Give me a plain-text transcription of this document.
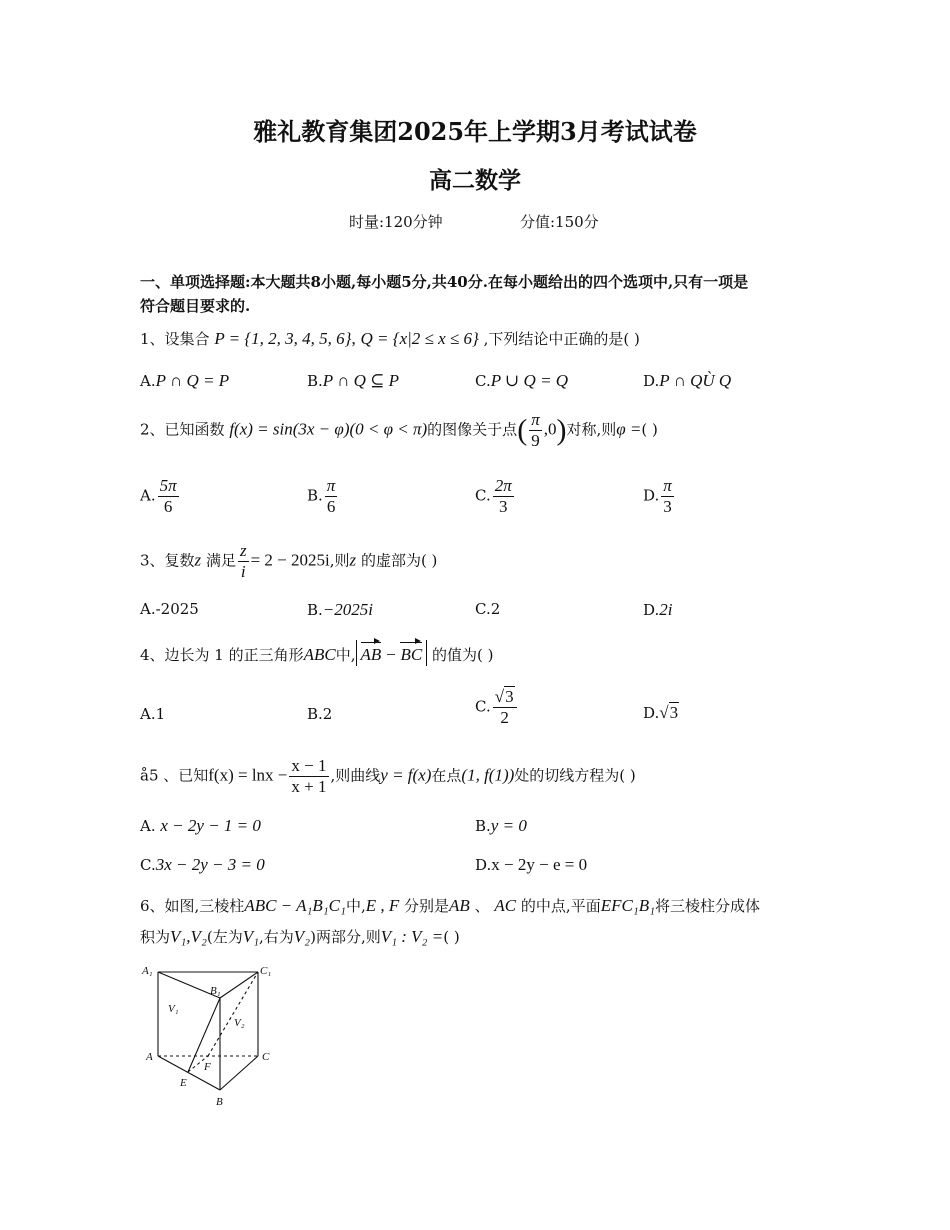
雅礼教育集团2025年上学期3月考试试卷
高二数学
时量:120分钟	分值:150分
一、单项选择题:本大题共8小题,每小题5分,共40分.在每小题给出的四个选项中,只有一项是
符合题目要求的.
1、设集合 P = {1, 2, 3, 4, 5, 6}, Q = {x|2 ≤ x ≤ 6} ,下列结论中正确的是( )
A.P ∩ Q = P	B.P ∩ Q ⊆ P	C.P ∪ Q = Q	D.P ∩ QÙ Q
2、已知函数 f(x) = sin(3x − φ)(0 < φ < π)的图像关于点( $\frac{\pi}{9} ,0$)对称,则φ =( )
A. $\frac{5\pi}{6}$	B. $\frac{\pi}{6}$	C. $\frac{2\pi}{3}$	D. $\frac{\pi}{3}$
3、复数z 满足 $\frac{z}{i} = 2 - 2025i$,则z 的虚部为( )
A.-2025	B.−2025i	C.2	D.2i
4、边长为 1 的正三角形ABC中, AB − BC 的值为( )
A.1	B.2	C. $\frac{√3}{2}$	D.√3
å5 、已知$f(x) = \ln x - \frac{x - 1}{x + 1}$ ,则曲线y = f(x)在点(1, f(1))处的切线方程为( )
A. x − 2y − 1 = 0	B.y = 0
C.3x − 2y − 3 = 0	D.x − 2y − e = 0
6、如图,三棱柱ABC − A₁B₁C₁中,E , F 分别是AB 、 AC 的中点,平面EFC₁B₁将三棱柱分成体
积为V₁,V₂(左为V₁,右为V₂)两部分,则V₁ : V₂ =( )
A₁
B₁
C₁
A	C
B
E
F
V₁
V₂
